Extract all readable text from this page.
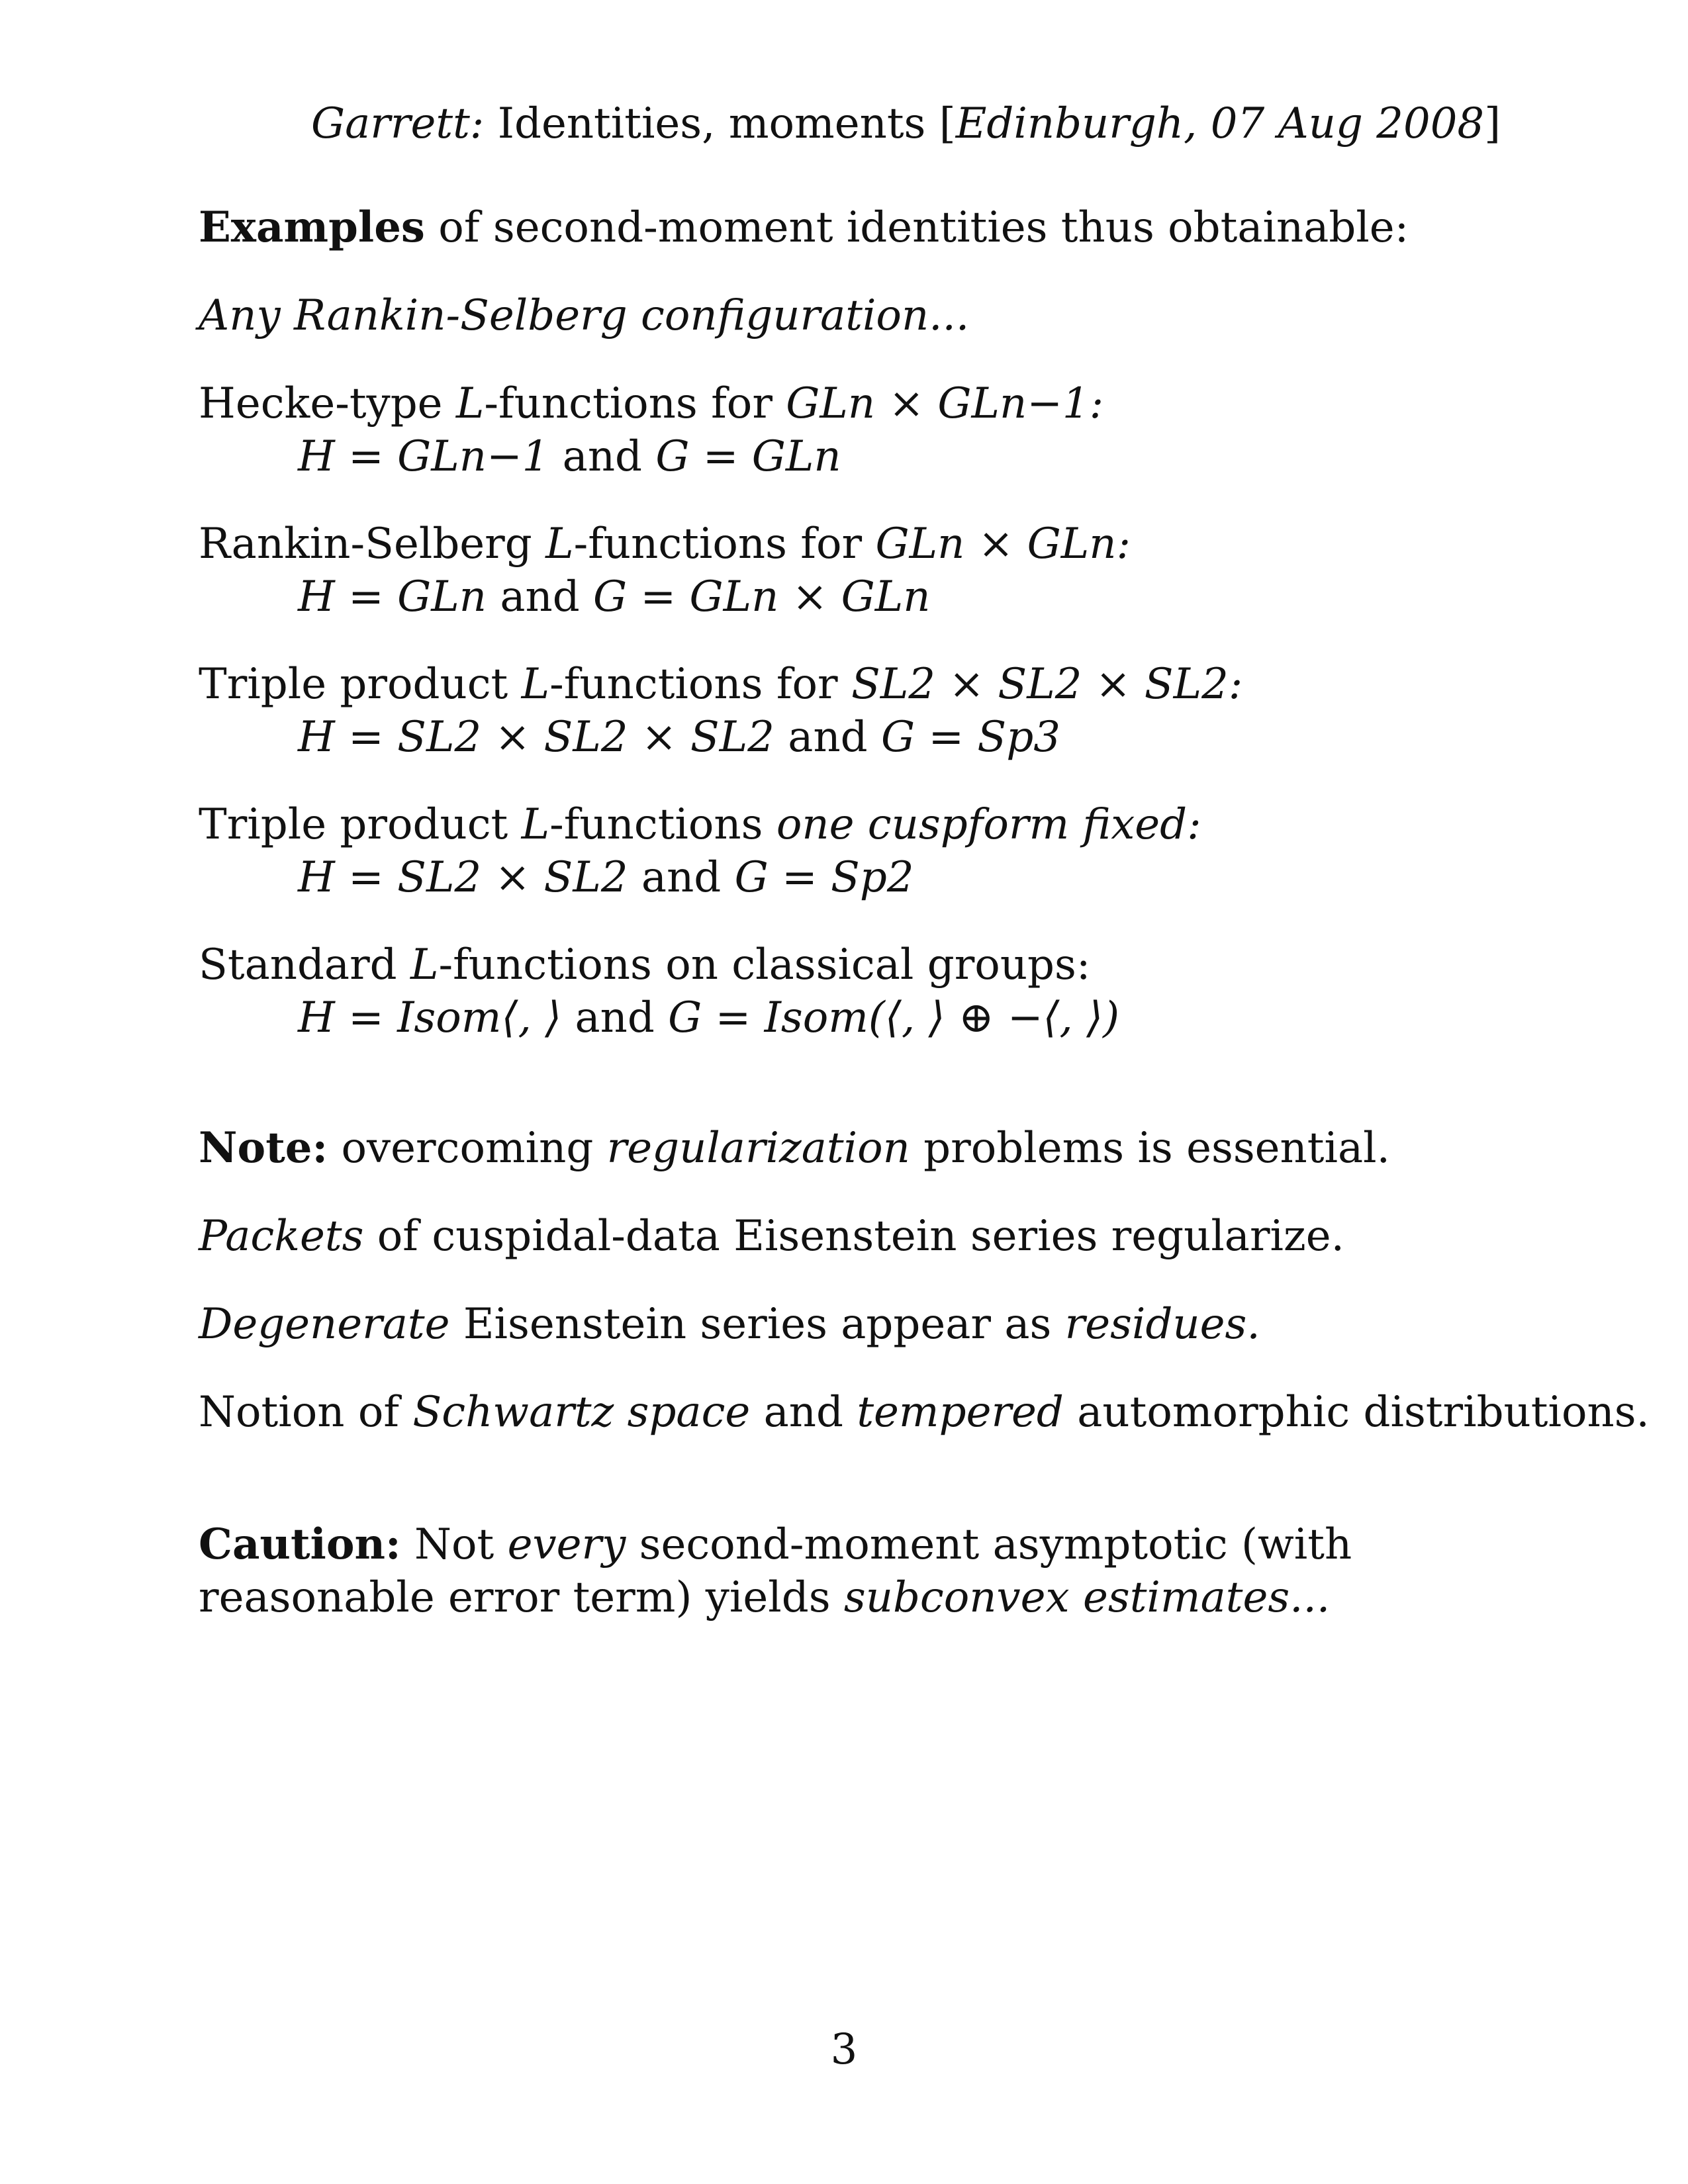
Garrett: Identities, moments [Edinburgh, 07 Aug 2008]
Examples of second-moment identities thus obtainable:
Any Rankin-Selberg configuration...
Hecke-type L-functions for GLn × GLn−1:
H = GLn−1 and G = GLn
Rankin-Selberg L-functions for GLn × GLn:
H = GLn and G = GLn × GLn
Triple product L-functions for SL2 × SL2 × SL2:
H = SL2 × SL2 × SL2 and G = Sp3
Triple product L-functions one cuspform fixed:
H = SL2 × SL2 and G = Sp2
Standard L-functions on classical groups:
H = Isom⟨, ⟩ and G = Isom(⟨, ⟩ ⊕ −⟨, ⟩)
Note: overcoming regularization problems is essential.
Packets of cuspidal-data Eisenstein series regularize.
Degenerate Eisenstein series appear as residues.
Notion of Schwartz space and tempered automorphic distributions.
Caution: Not every second-moment asymptotic (with
reasonable error term) yields subconvex estimates...
3
